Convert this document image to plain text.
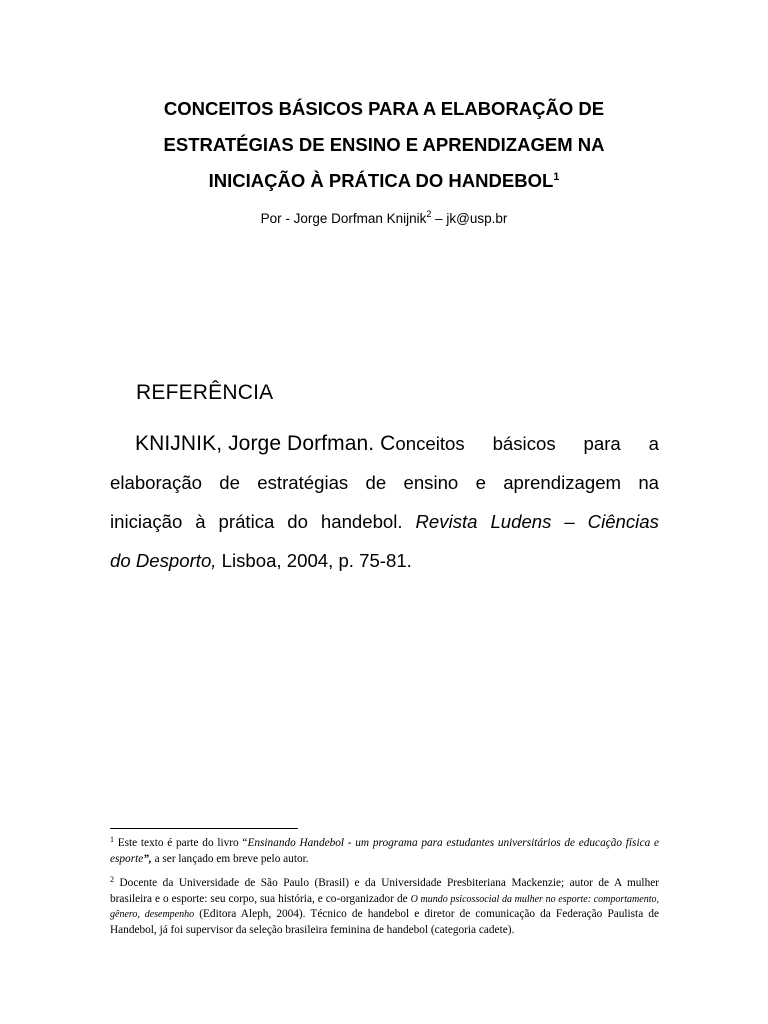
CONCEITOS BÁSICOS PARA A ELABORAÇÃO DE
ESTRATÉGIAS DE ENSINO E APRENDIZAGEM NA
INICIAÇÃO À PRÁTICA DO HANDEBOL$^1$
Por - Jorge Dorfman Knijnik$^2$ – jk@usp.br
REFERÊNCIA
KNIJNIK, Jorge Dorfman. Conceitos básicos para a
elaboração de estratégias de ensino e aprendizagem na
iniciação à prática do handebol. Revista Ludens – Ciências
do Desporto, Lisboa, 2004, p. 75-81.

$^1$ Este texto é parte do livro “Ensinando Handebol - um programa para estudantes universitários de educação física e esporte”, a ser lançado em breve pelo autor.

$^2$ Docente da Universidade de São Paulo (Brasil) e da Universidade Presbiteriana Mackenzie; autor de A mulher brasileira e o esporte: seu corpo, sua história, e co-organizador de O mundo psicossocial da mulher no esporte: comportamento, gênero, desempenho (Editora Aleph, 2004). Técnico de handebol e diretor de comunicação da Federação Paulista de Handebol, já foi supervisor da seleção brasileira feminina de handebol (categoria cadete).
